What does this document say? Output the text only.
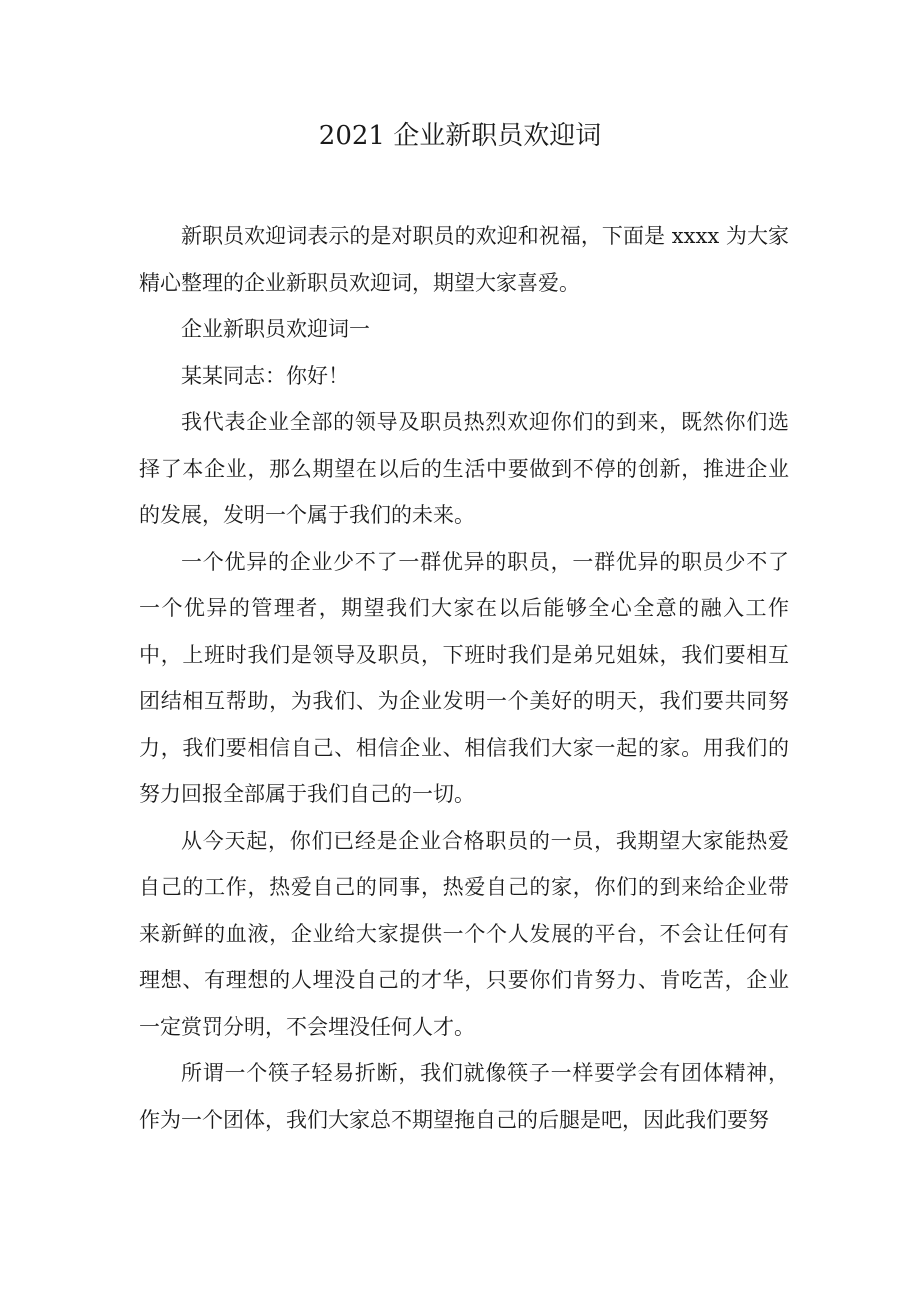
2021 企业新职员欢迎词

新职员欢迎词表示的是对职员的欢迎和祝福，下面是 xxxx 为大家精心整理的企业新职员欢迎词，期望大家喜爱。

企业新职员欢迎词一

某某同志：你好！

我代表企业全部的领导及职员热烈欢迎你们的到来，既然你们选择了本企业，那么期望在以后的生活中要做到不停的创新，推进企业的发展，发明一个属于我们的未来。

一个优异的企业少不了一群优异的职员，一群优异的职员少不了一个优异的管理者，期望我们大家在以后能够全心全意的融入工作中，上班时我们是领导及职员，下班时我们是弟兄姐妹，我们要相互团结相互帮助，为我们、为企业发明一个美好的明天，我们要共同努力，我们要相信自己、相信企业、相信我们大家一起的家。用我们的努力回报全部属于我们自己的一切。

从今天起，你们已经是企业合格职员的一员，我期望大家能热爱自己的工作，热爱自己的同事，热爱自己的家，你们的到来给企业带来新鲜的血液，企业给大家提供一个个人发展的平台，不会让任何有理想、有理想的人埋没自己的才华，只要你们肯努力、肯吃苦，企业一定赏罚分明，不会埋没任何人才。

所谓一个筷子轻易折断，我们就像筷子一样要学会有团体精神，作为一个团体，我们大家总不期望拖自己的后腿是吧，因此我们要努
